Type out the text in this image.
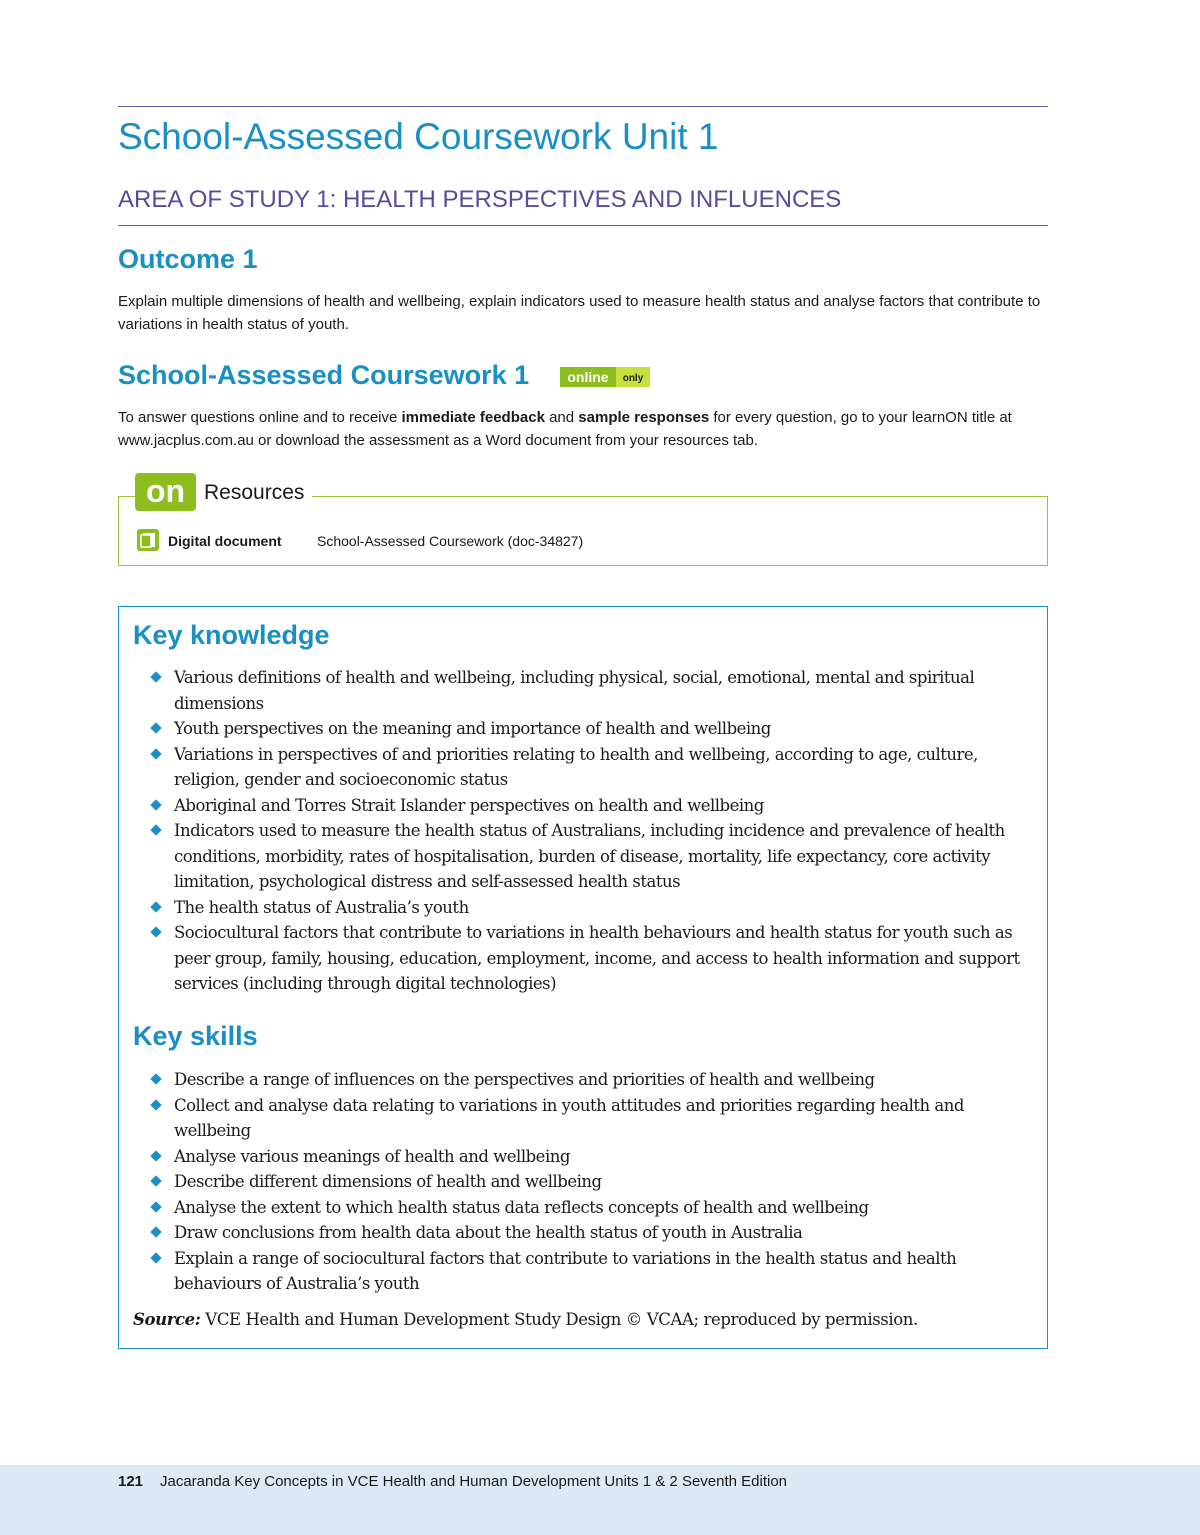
School-Assessed Coursework Unit 1
AREA OF STUDY 1: HEALTH PERSPECTIVES AND INFLUENCES
Outcome 1

Explain multiple dimensions of health and wellbeing, explain indicators used to measure health status and analyse factors that contribute to variations in health status of youth.

School-Assessed Coursework 1	online only

To answer questions online and to receive immediate feedback and sample responses for every question, go to your learnON title at www.jacplus.com.au or download the assessment as a Word document from your resources tab.

on Resources
Digital document	School-Assessed Coursework (doc-34827)
Key knowledge
Various definitions of health and wellbeing, including physical, social, emotional, mental and spiritual dimensions
Youth perspectives on the meaning and importance of health and wellbeing
Variations in perspectives of and priorities relating to health and wellbeing, according to age, culture, religion, gender and socioeconomic status
Aboriginal and Torres Strait Islander perspectives on health and wellbeing
Indicators used to measure the health status of Australians, including incidence and prevalence of health conditions, morbidity, rates of hospitalisation, burden of disease, mortality, life expectancy, core activity limitation, psychological distress and self-assessed health status
The health status of Australia’s youth
Sociocultural factors that contribute to variations in health behaviours and health status for youth such as peer group, family, housing, education, employment, income, and access to health information and support services (including through digital technologies)
Key skills
Describe a range of influences on the perspectives and priorities of health and wellbeing
Collect and analyse data relating to variations in youth attitudes and priorities regarding health and wellbeing
Analyse various meanings of health and wellbeing
Describe different dimensions of health and wellbeing
Analyse the extent to which health status data reflects concepts of health and wellbeing
Draw conclusions from health data about the health status of youth in Australia
Explain a range of sociocultural factors that contribute to variations in the health status and health behaviours of Australia’s youth
Source: VCE Health and Human Development Study Design © VCAA; reproduced by permission.
121 Jacaranda Key Concepts in VCE Health and Human Development Units 1 & 2 Seventh Edition
